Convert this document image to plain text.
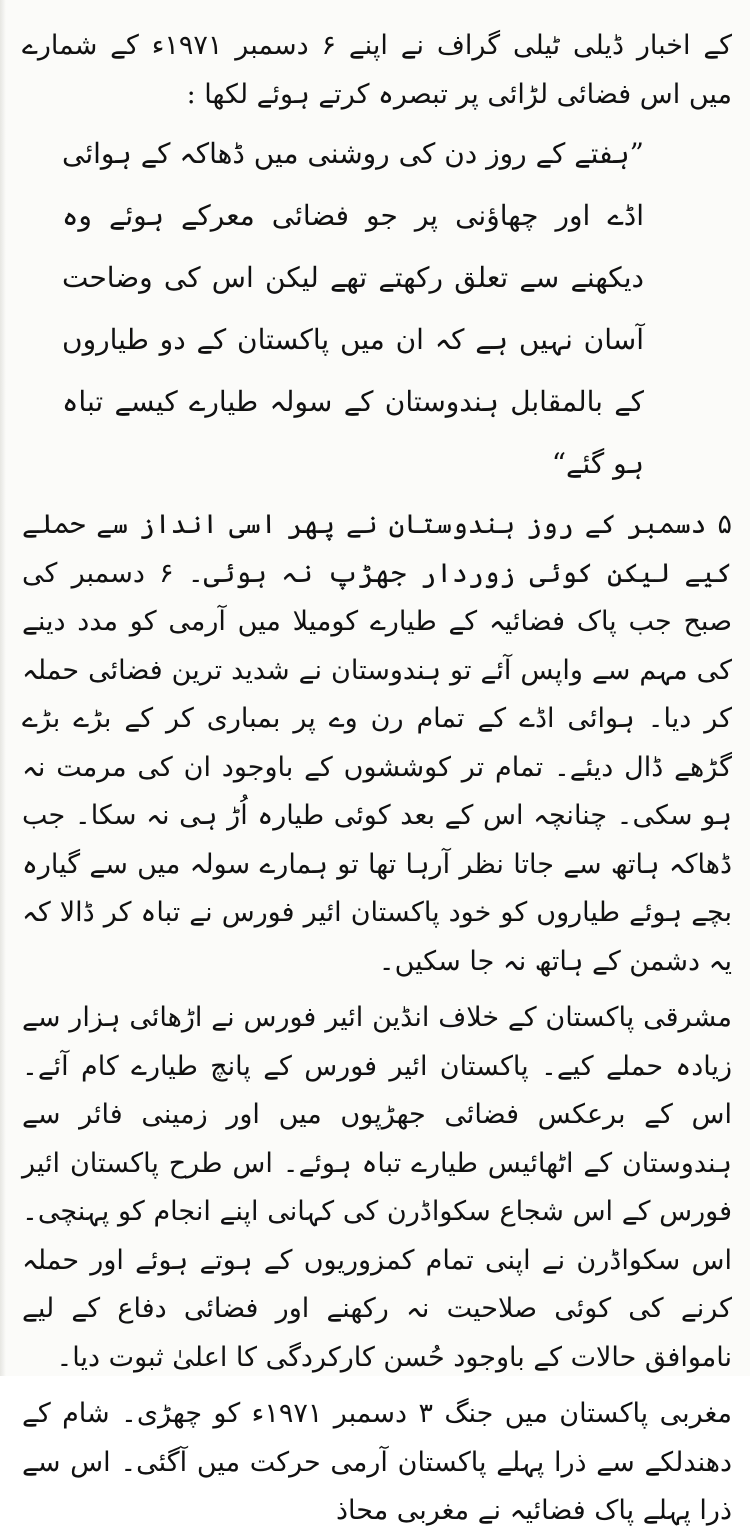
کے اخبار ڈیلی ٹیلی گراف نے اپنے ۶ دسمبر ۱۹۷۱ء کے شمارے میں اس فضائی لڑائی پر تبصرہ کرتے ہوئے لکھا :

”ہفتے کے روز دن کی روشنی میں ڈھاکہ کے ہوائی اڈے اور چھاؤنی پر جو فضائی معرکے ہوئے وہ دیکھنے سے تعلق رکھتے تھے لیکن اس کی وضاحت آسان نہیں ہے کہ ان میں پاکستان کے دو طیاروں کے بالمقابل ہندوستان کے سولہ طیارے کیسے تباہ ہو گئے“

۵ دسمبر کے روز ہندوستان نے پھر اسی انداز سے حملے کیے لیکن کوئی زوردار جھڑپ نہ ہوئی۔ ۶ دسمبر کی صبح جب پاک فضائیہ کے طیارے کومیلا میں آرمی کو مدد دینے کی مہم سے واپس آئے تو ہندوستان نے شدید ترین فضائی حملہ کر دیا۔ ہوائی اڈے کے تمام رن وے پر بمباری کر کے بڑے بڑے گڑھے ڈال دیئے۔ تمام تر کوششوں کے باوجود ان کی مرمت نہ ہو سکی۔ چنانچہ اس کے بعد کوئی طیارہ اُڑ ہی نہ سکا۔ جب ڈھاکہ ہاتھ سے جاتا نظر آرہا تھا تو ہمارے سولہ میں سے گیارہ بچے ہوئے طیاروں کو خود پاکستان ائیر فورس نے تباہ کر ڈالا کہ یہ دشمن کے ہاتھ نہ جا سکیں۔

مشرقی پاکستان کے خلاف انڈین ائیر فورس نے اڑھائی ہزار سے زیادہ حملے کیے۔ پاکستان ائیر فورس کے پانچ طیارے کام آئے۔ اس کے برعکس فضائی جھڑپوں میں اور زمینی فائر سے ہندوستان کے اٹھائیس طیارے تباہ ہوئے۔ اس طرح پاکستان ائیر فورس کے اس شجاع سکواڈرن کی کہانی اپنے انجام کو پہنچی۔ اس سکواڈرن نے اپنی تمام کمزوریوں کے ہوتے ہوئے اور حملہ کرنے کی کوئی صلاحیت نہ رکھنے اور فضائی دفاع کے لیے ناموافق حالات کے باوجود حُسن کارکردگی کا اعلیٰ ثبوت دیا۔

مغربی پاکستان میں جنگ ۳ دسمبر ۱۹۷۱ء کو چھڑی۔ شام کے دھندلکے سے ذرا پہلے پاکستان آرمی حرکت میں آگئی۔ اس سے ذرا پہلے پاک فضائیہ نے مغربی محاذ
